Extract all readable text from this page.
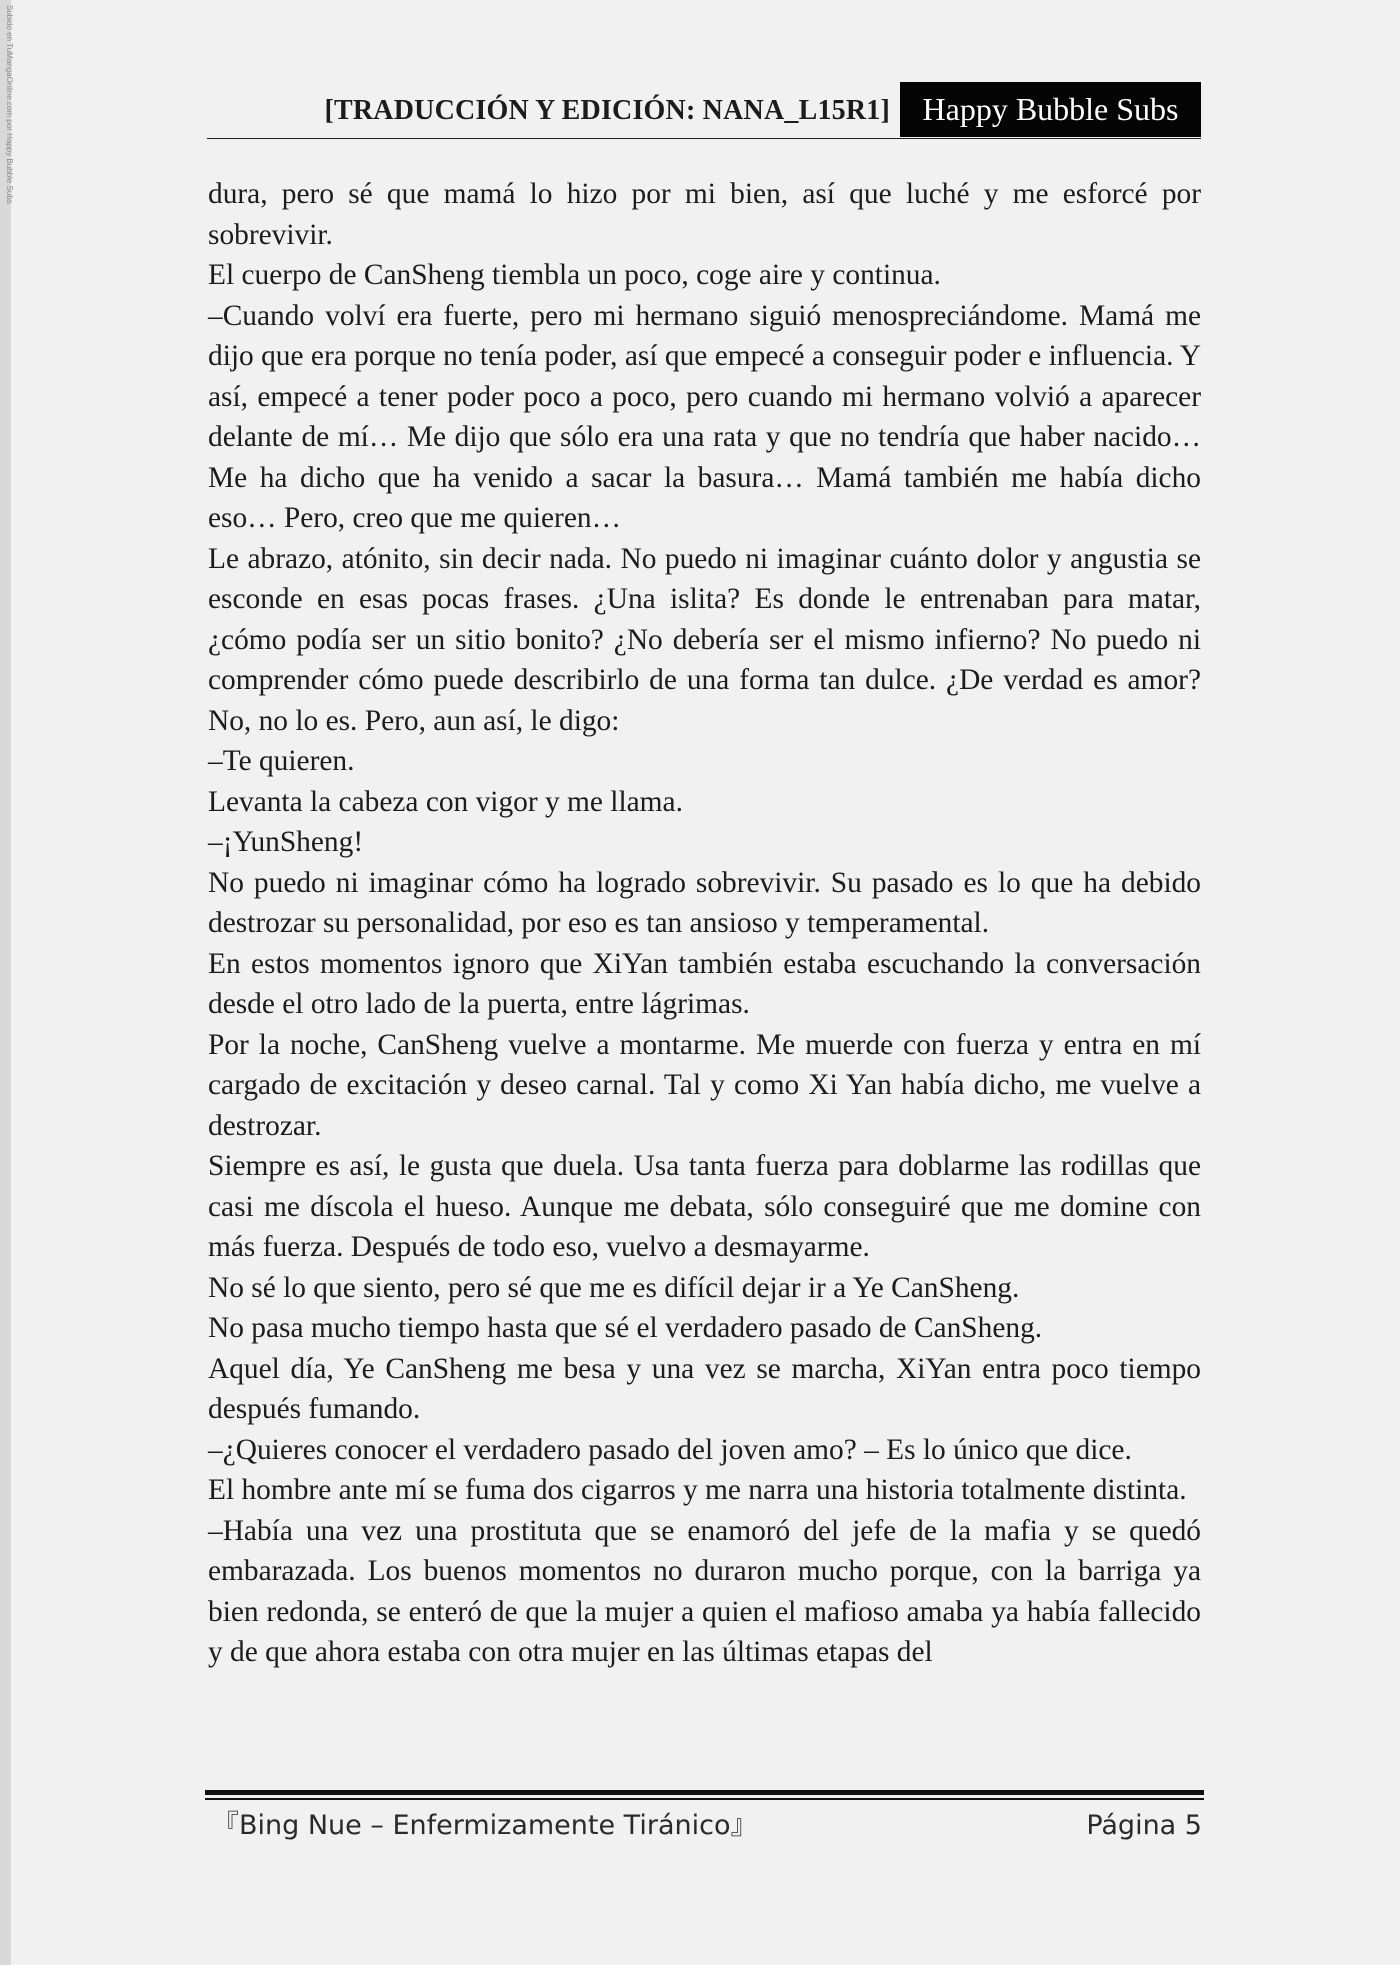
Subido en TuMangaOnline.com por Happy Bubble Subs	[TRADUCCIÓN Y EDICIÓN: NANA_L15R1]	Happy Bubble Subs

dura, pero sé que mamá lo hizo por mi bien, así que luché y me esforcé por sobrevivir.

El cuerpo de CanSheng tiembla un poco, coge aire y continua.

–Cuando volví era fuerte, pero mi hermano siguió menospreciándome. Mamá me dijo que era porque no tenía poder, así que empecé a conseguir poder e influencia. Y así, empecé a tener poder poco a poco, pero cuando mi hermano volvió a aparecer delante de mí… Me dijo que sólo era una rata y que no tendría que haber nacido… Me ha dicho que ha venido a sacar la basura… Mamá también me había dicho eso… Pero, creo que me quieren…

Le abrazo, atónito, sin decir nada. No puedo ni imaginar cuánto dolor y angustia se esconde en esas pocas frases. ¿Una islita? Es donde le entrenaban para matar, ¿cómo podía ser un sitio bonito? ¿No debería ser el mismo infierno? No puedo ni comprender cómo puede describirlo de una forma tan dulce. ¿De verdad es amor? No, no lo es. Pero, aun así, le digo:

–Te quieren.

Levanta la cabeza con vigor y me llama.

–¡YunSheng!

No puedo ni imaginar cómo ha logrado sobrevivir. Su pasado es lo que ha debido destrozar su personalidad, por eso es tan ansioso y temperamental.

En estos momentos ignoro que XiYan también estaba escuchando la conversación desde el otro lado de la puerta, entre lágrimas.

Por la noche, CanSheng vuelve a montarme. Me muerde con fuerza y entra en mí cargado de excitación y deseo carnal. Tal y como Xi Yan había dicho, me vuelve a destrozar.

Siempre es así, le gusta que duela. Usa tanta fuerza para doblarme las rodillas que casi me díscola el hueso. Aunque me debata, sólo conseguiré que me domine con más fuerza. Después de todo eso, vuelvo a desmayarme.

No sé lo que siento, pero sé que me es difícil dejar ir a Ye CanSheng.

No pasa mucho tiempo hasta que sé el verdadero pasado de CanSheng.

Aquel día, Ye CanSheng me besa y una vez se marcha, XiYan entra poco tiempo después fumando.

–¿Quieres conocer el verdadero pasado del joven amo? – Es lo único que dice.

El hombre ante mí se fuma dos cigarros y me narra una historia totalmente distinta.

–Había una vez una prostituta que se enamoró del jefe de la mafia y se quedó embarazada. Los buenos momentos no duraron mucho porque, con la barriga ya bien redonda, se enteró de que la mujer a quien el mafioso amaba ya había fallecido y de que ahora estaba con otra mujer en las últimas etapas del

『Bing Nue – Enfermizamente Tiránico』	Página 5
